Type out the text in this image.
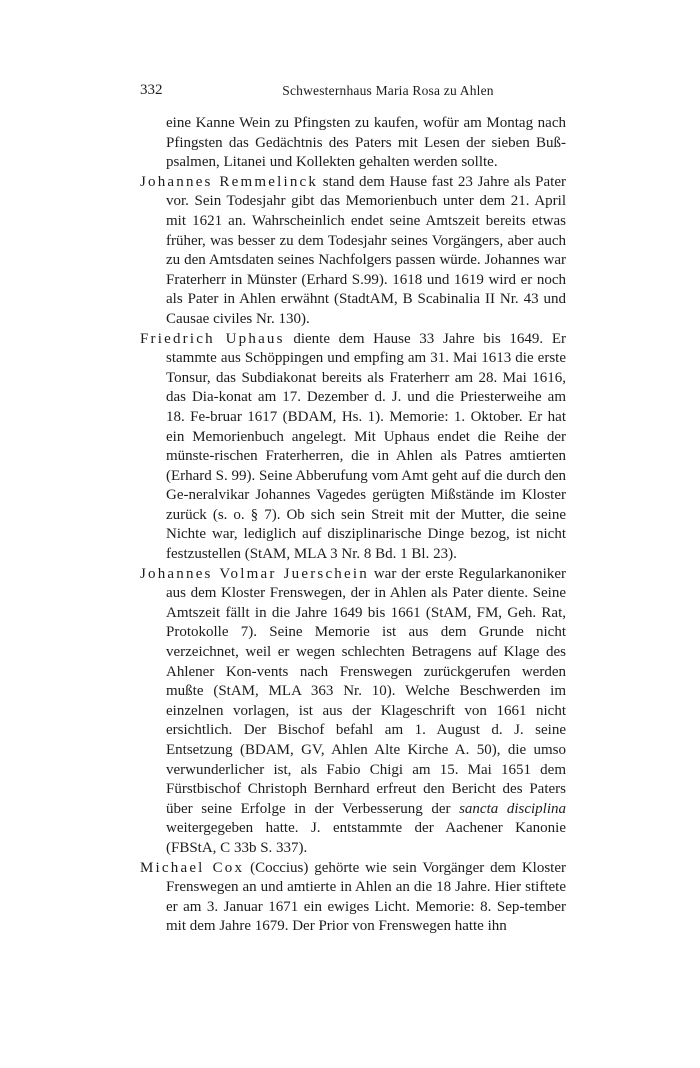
332	Schwesternhaus Maria Rosa zu Ahlen

eine Kanne Wein zu Pfingsten zu kaufen, wofür am Montag nach Pfingsten das Gedächtnis des Paters mit Lesen der sieben Buß-psalmen, Litanei und Kollekten gehalten werden sollte.

Johannes Remmelinck stand dem Hause fast 23 Jahre als Pater vor. Sein Todesjahr gibt das Memorienbuch unter dem 21. April mit 1621 an. Wahrscheinlich endet seine Amtszeit bereits etwas früher, was besser zu dem Todesjahr seines Vorgängers, aber auch zu den Amtsdaten seines Nachfolgers passen würde. Johannes war Fraterherr in Münster (Erhard S.99). 1618 und 1619 wird er noch als Pater in Ahlen erwähnt (StadtAM, B Scabinalia II Nr. 43 und Causae civiles Nr. 130).

Friedrich Uphaus diente dem Hause 33 Jahre bis 1649. Er stammte aus Schöppingen und empfing am 31. Mai 1613 die erste Tonsur, das Subdiakonat bereits als Fraterherr am 28. Mai 1616, das Dia-konat am 17. Dezember d. J. und die Priesterweihe am 18. Fe-bruar 1617 (BDAM, Hs. 1). Memorie: 1. Oktober. Er hat ein Memorienbuch angelegt. Mit Uphaus endet die Reihe der münste-rischen Fraterherren, die in Ahlen als Patres amtierten (Erhard S. 99). Seine Abberufung vom Amt geht auf die durch den Ge-neralvikar Johannes Vagedes gerügten Mißstände im Kloster zurück (s. o. § 7). Ob sich sein Streit mit der Mutter, die seine Nichte war, lediglich auf disziplinarische Dinge bezog, ist nicht festzustellen (StAM, MLA 3 Nr. 8 Bd. 1 Bl. 23).

Johannes Volmar Juerschein war der erste Regularkanoniker aus dem Kloster Frenswegen, der in Ahlen als Pater diente. Seine Amtszeit fällt in die Jahre 1649 bis 1661 (StAM, FM, Geh. Rat, Protokolle 7). Seine Memorie ist aus dem Grunde nicht verzeichnet, weil er wegen schlechten Betragens auf Klage des Ahlener Kon-vents nach Frenswegen zurückgerufen werden mußte (StAM, MLA 363 Nr. 10). Welche Beschwerden im einzelnen vorlagen, ist aus der Klageschrift von 1661 nicht ersichtlich. Der Bischof befahl am 1. August d. J. seine Entsetzung (BDAM, GV, Ahlen Alte Kirche A. 50), die umso verwunderlicher ist, als Fabio Chigi am 15. Mai 1651 dem Fürstbischof Christoph Bernhard erfreut den Bericht des Paters über seine Erfolge in der Verbesserung der sancta disciplina weitergegeben hatte. J. entstammte der Aachener Kanonie (FBStA, C 33b S. 337).

Michael Cox (Coccius) gehörte wie sein Vorgänger dem Kloster Frenswegen an und amtierte in Ahlen an die 18 Jahre. Hier stiftete er am 3. Januar 1671 ein ewiges Licht. Memorie: 8. Sep-tember mit dem Jahre 1679. Der Prior von Frenswegen hatte ihn
